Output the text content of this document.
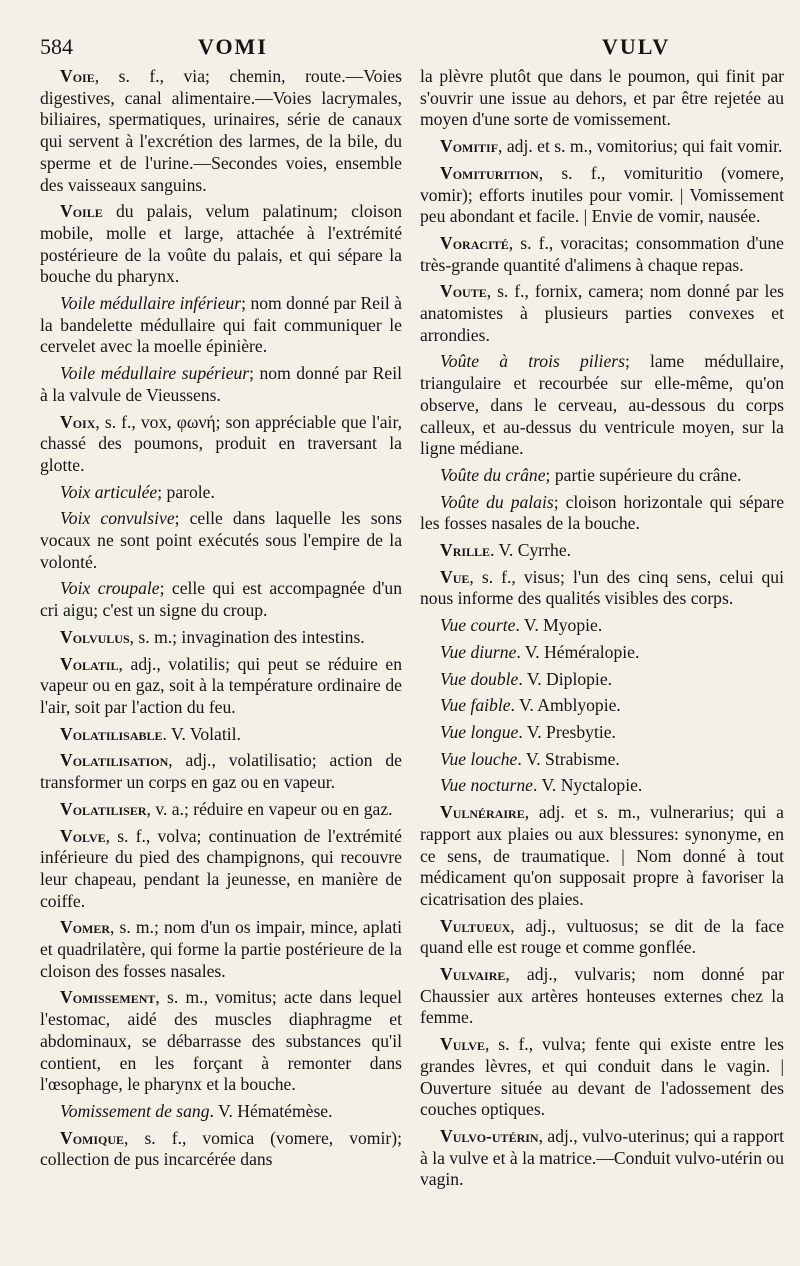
584	VOMI	VULV

Voie, s. f., via; chemin, route.—Voies digestives, canal alimentaire.—Voies lacrymales, biliaires, spermatiques, urinaires, série de canaux qui servent à l'excrétion des larmes, de la bile, du sperme et de l'urine.—Secondes voies, ensemble des vaisseaux sanguins.

Voile du palais, velum palatinum; cloison mobile, molle et large, attachée à l'extrémité postérieure de la voûte du palais, et qui sépare la bouche du pharynx.

Voile médullaire inférieur; nom donné par Reil à la bandelette médullaire qui fait communiquer le cervelet avec la moelle épinière.

Voile médullaire supérieur; nom donné par Reil à la valvule de Vieussens.

Voix, s. f., vox, φωνή; son appréciable que l'air, chassé des poumons, produit en traversant la glotte.

Voix articulée; parole.

Voix convulsive; celle dans laquelle les sons vocaux ne sont point exécutés sous l'empire de la volonté.

Voix croupale; celle qui est accompagnée d'un cri aigu; c'est un signe du croup.

Volvulus, s. m.; invagination des intestins.

Volatil, adj., volatilis; qui peut se réduire en vapeur ou en gaz, soit à la température ordinaire de l'air, soit par l'action du feu.

Volatilisable. V. Volatil.

Volatilisation, adj., volatilisatio; action de transformer un corps en gaz ou en vapeur.

Volatiliser, v. a.; réduire en vapeur ou en gaz.

Volve, s. f., volva; continuation de l'extrémité inférieure du pied des champignons, qui recouvre leur chapeau, pendant la jeunesse, en manière de coiffe.

Vomer, s. m.; nom d'un os impair, mince, aplati et quadrilatère, qui forme la partie postérieure de la cloison des fosses nasales.

Vomissement, s. m., vomitus; acte dans lequel l'estomac, aidé des muscles diaphragme et abdominaux, se débarrasse des substances qu'il contient, en les forçant à remonter dans l'œsophage, le pharynx et la bouche.

Vomissement de sang. V. Hématémèse.

Vomique, s. f., vomica (vomere, vomir); collection de pus incarcérée dans

la plèvre plutôt que dans le poumon, qui finit par s'ouvrir une issue au dehors, et par être rejetée au moyen d'une sorte de vomissement.

Vomitif, adj. et s. m., vomitorius; qui fait vomir.

Vomiturition, s. f., vomituritio (vomere, vomir); efforts inutiles pour vomir. | Vomissement peu abondant et facile. | Envie de vomir, nausée.

Voracité, s. f., voracitas; consommation d'une très-grande quantité d'alimens à chaque repas.

Voute, s. f., fornix, camera; nom donné par les anatomistes à plusieurs parties convexes et arrondies.

Voûte à trois piliers; lame médullaire, triangulaire et recourbée sur elle-même, qu'on observe, dans le cerveau, au-dessous du corps calleux, et au-dessus du ventricule moyen, sur la ligne médiane.

Voûte du crâne; partie supérieure du crâne.

Voûte du palais; cloison horizontale qui sépare les fosses nasales de la bouche.

Vrille. V. Cyrrhe.

Vue, s. f., visus; l'un des cinq sens, celui qui nous informe des qualités visibles des corps.

Vue courte. V. Myopie.

Vue diurne. V. Héméralopie.

Vue double. V. Diplopie.

Vue faible. V. Amblyopie.

Vue longue. V. Presbytie.

Vue louche. V. Strabisme.

Vue nocturne. V. Nyctalopie.

Vulnéraire, adj. et s. m., vulnerarius; qui a rapport aux plaies ou aux blessures: synonyme, en ce sens, de traumatique. | Nom donné à tout médicament qu'on supposait propre à favoriser la cicatrisation des plaies.

Vultueux, adj., vultuosus; se dit de la face quand elle est rouge et comme gonflée.

Vulvaire, adj., vulvaris; nom donné par Chaussier aux artères honteuses externes chez la femme.

Vulve, s. f., vulva; fente qui existe entre les grandes lèvres, et qui conduit dans le vagin. | Ouverture située au devant de l'adossement des couches optiques.

Vulvo-utérin, adj., vulvo-uterinus; qui a rapport à la vulve et à la matrice.—Conduit vulvo-utérin ou vagin.
